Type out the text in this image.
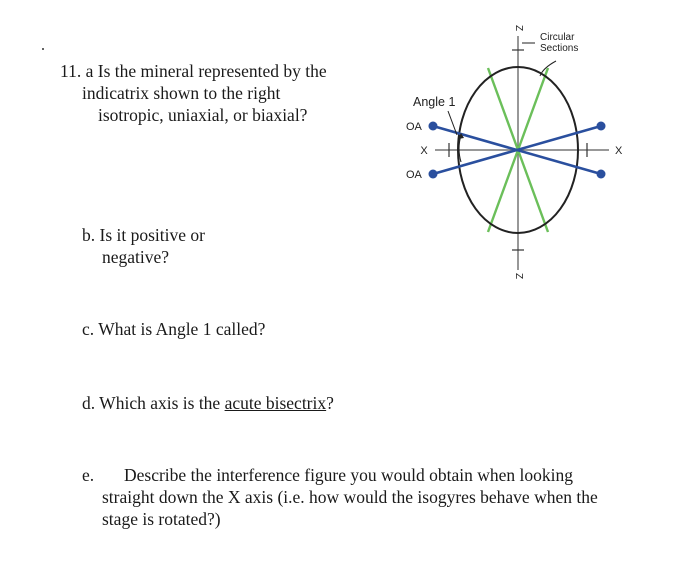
11. a Is the mineral represented by the
indicatrix shown to the right
isotropic, uniaxial, or biaxial?
b. Is it positive or
negative?
c. What is Angle 1 called?
d. Which axis is the acute bisectrix?
e. Describe the interference figure you would obtain when looking
straight down the X axis (i.e. how would the isogyres behave when the
stage is rotated?)
Z
Z
X	X
Circular
Sections
Angle 1
OA
OA
